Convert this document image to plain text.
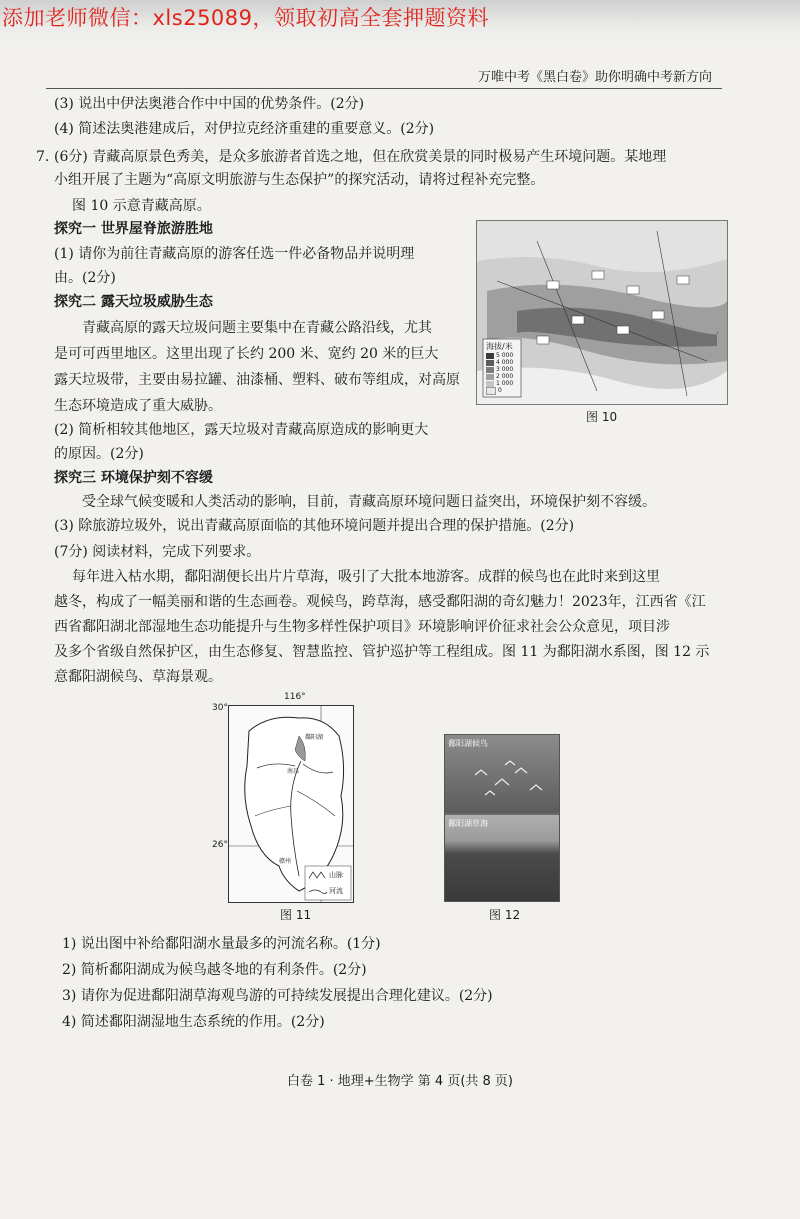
添加老师微信：xls25089，领取初高全套押题资料
万唯中考《黑白卷》助你明确中考新方向
(3) 说出中伊法奥港合作中中国的优势条件。(2分)
(4) 简述法奥港建成后，对伊拉克经济重建的重要意义。(2分)
7. (6分) 青藏高原景色秀美，是众多旅游者首选之地，但在欣赏美景的同时极易产生环境问题。某地理
小组开展了主题为“高原文明旅游与生态保护”的探究活动，请将过程补充完整。
图 10 示意青藏高原。
探究一 世界屋脊旅游胜地
(1) 请你为前往青藏高原的游客任选一件必备物品并说明理
由。(2分)
探究二 露天垃圾威胁生态
青藏高原的露天垃圾问题主要集中在青藏公路沿线，尤其
是可可西里地区。这里出现了长约 200 米、宽约 20 米的巨大
露天垃圾带，主要由易拉罐、油漆桶、塑料、破布等组成，对高原
生态环境造成了重大威胁。
(2) 简析相较其他地区，露天垃圾对青藏高原造成的影响更大
的原因。(2分)
探究三 环境保护刻不容缓
受全球气候变暖和人类活动的影响，目前，青藏高原环境问题日益突出，环境保护刻不容缓。
(3) 除旅游垃圾外，说出青藏高原面临的其他环境问题并提出合理的保护措施。(2分)
海拔/米
5 000
4 000
3 000
2 000
1 000
0
图 10
(7分) 阅读材料，完成下列要求。
每年进入枯水期，鄱阳湖便长出片片草海，吸引了大批本地游客。成群的候鸟也在此时来到这里
越冬，构成了一幅美丽和谐的生态画卷。观候鸟，跨草海，感受鄱阳湖的奇幻魅力！2023年，江西省《江
西省鄱阳湖北部湿地生态功能提升与生物多样性保护项目》环境影响评价征求社会公众意见，项目涉
及多个省级自然保护区，由生态修复、智慧监控、管护巡护等工程组成。图 11 为鄱阳湖水系图，图 12 示
意鄱阳湖候鸟、草海景观。
116°
30°
26°
鄱阳湖
南昌
赣州
山脉
河流
图 11
鄱阳湖候鸟
鄱阳湖草海
图 12
1) 说出图中补给鄱阳湖水量最多的河流名称。(1分)
2) 简析鄱阳湖成为候鸟越冬地的有利条件。(2分)
3) 请你为促进鄱阳湖草海观鸟游的可持续发展提出合理化建议。(2分)
4) 简述鄱阳湖湿地生态系统的作用。(2分)
白卷 1 · 地理+生物学 第 4 页(共 8 页)
